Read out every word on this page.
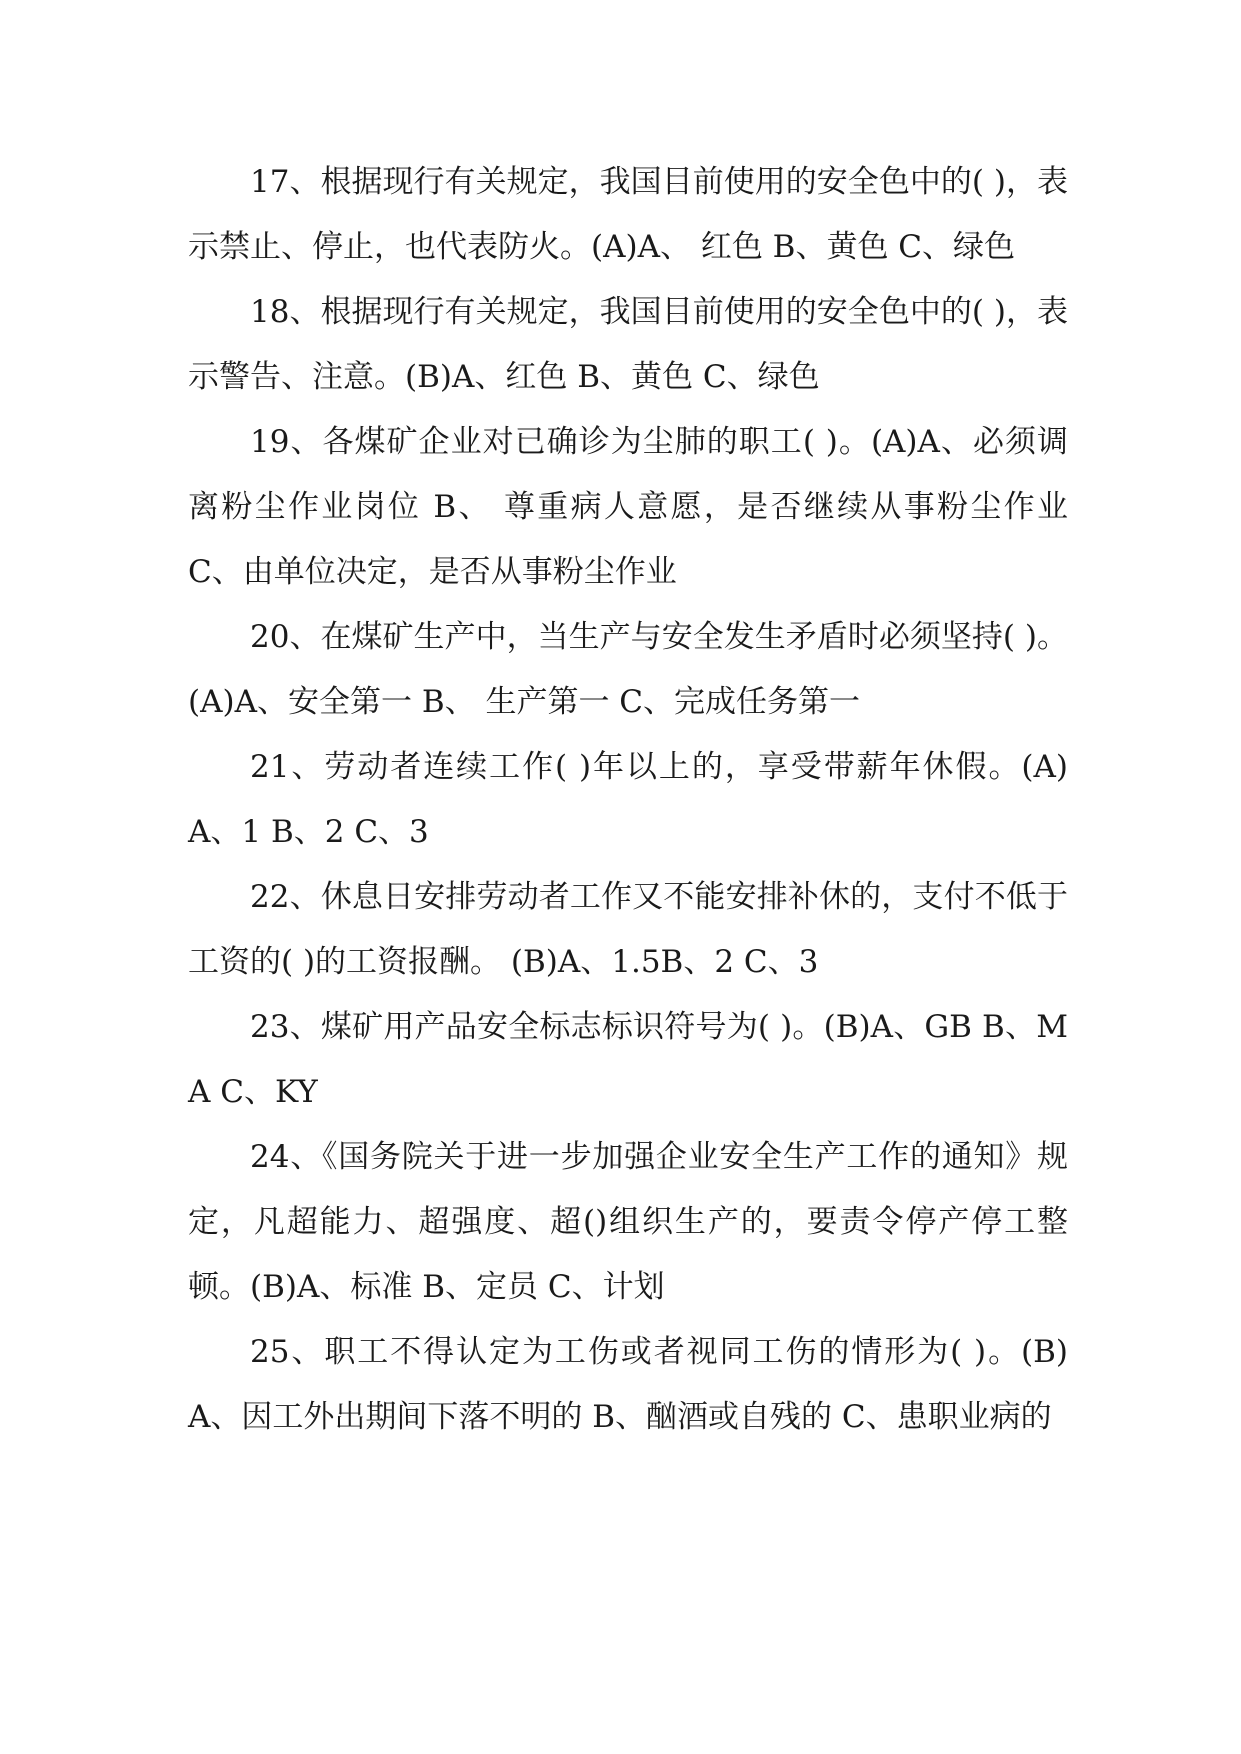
17、根据现行有关规定，我国目前使用的安全色中的( )，表示禁止、停止，也代表防火。(A)A、 红色 B、黄色 C、绿色

18、根据现行有关规定，我国目前使用的安全色中的( )，表示警告、注意。(B)A、红色 B、黄色 C、绿色

19、各煤矿企业对已确诊为尘肺的职工( )。(A)A、必须调离粉尘作业岗位 B、 尊重病人意愿，是否继续从事粉尘作业 C、由单位决定，是否从事粉尘作业

20、在煤矿生产中，当生产与安全发生矛盾时必须坚持( )。(A)A、安全第一 B、 生产第一 C、完成任务第一

21、劳动者连续工作( )年以上的，享受带薪年休假。(A)A、1 B、2 C、3

22、休息日安排劳动者工作又不能安排补休的，支付不低于工资的( )的工资报酬。 (B)A、1.5B、2 C、3

23、煤矿用产品安全标志标识符号为( )。(B)A、GB B、MA C、KY

24、《国务院关于进一步加强企业安全生产工作的通知》规定，凡超能力、超强度、超()组织生产的，要责令停产停工整顿。(B)A、标准 B、定员 C、计划

25、职工不得认定为工伤或者视同工伤的情形为( )。(B)A、因工外出期间下落不明的 B、酗酒或自残的 C、患职业病的
